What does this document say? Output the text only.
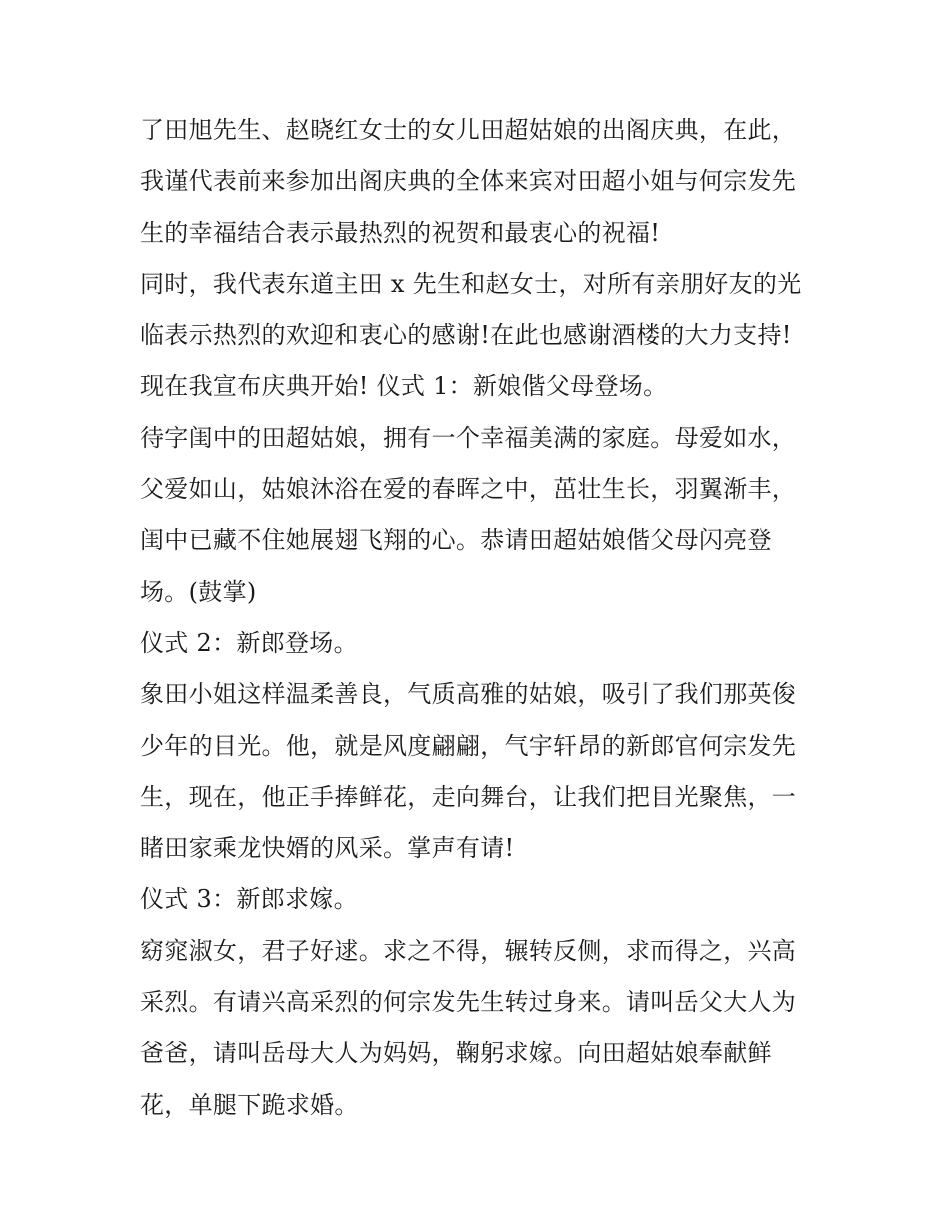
了田旭先生、赵晓红女士的女儿田超姑娘的出阁庆典，在此，
我谨代表前来参加出阁庆典的全体来宾对田超小姐与何宗发先
生的幸福结合表示最热烈的祝贺和最衷心的祝福!
同时，我代表东道主田 x 先生和赵女士，对所有亲朋好友的光
临表示热烈的欢迎和衷心的感谢!在此也感谢酒楼的大力支持!
现在我宣布庆典开始! 仪式 1：新娘偕父母登场。
待字闺中的田超姑娘，拥有一个幸福美满的家庭。母爱如水，
父爱如山，姑娘沐浴在爱的春晖之中，茁壮生长，羽翼渐丰，
闺中已藏不住她展翅飞翔的心。恭请田超姑娘偕父母闪亮登
场。(鼓掌)
仪式 2：新郎登场。
象田小姐这样温柔善良，气质高雅的姑娘，吸引了我们那英俊
少年的目光。他，就是风度翩翩，气宇轩昂的新郎官何宗发先
生，现在，他正手捧鲜花，走向舞台，让我们把目光聚焦，一
睹田家乘龙快婿的风采。掌声有请!
仪式 3：新郎求嫁。
窈窕淑女，君子好逑。求之不得，辗转反侧，求而得之，兴高
采烈。有请兴高采烈的何宗发先生转过身来。请叫岳父大人为
爸爸，请叫岳母大人为妈妈，鞠躬求嫁。向田超姑娘奉献鲜
花，单腿下跪求婚。
